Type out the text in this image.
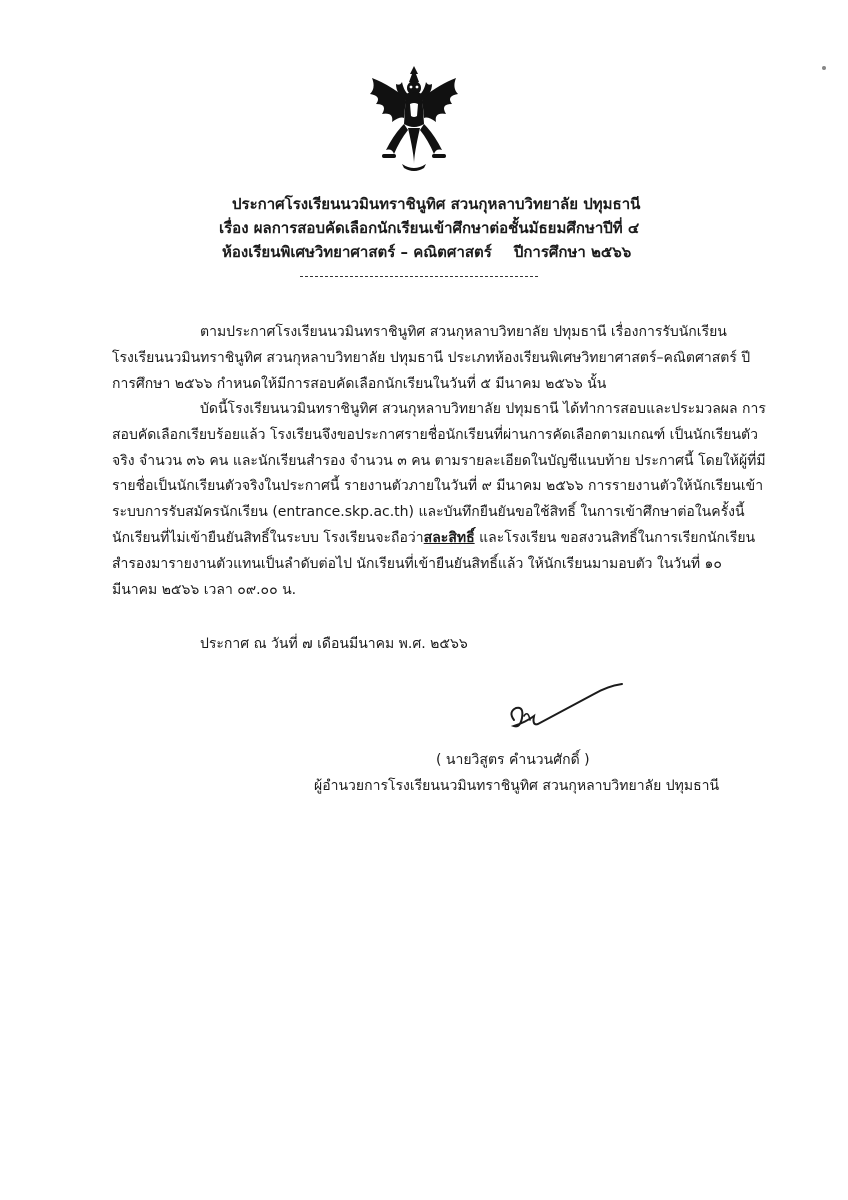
ประกาศโรงเรียนนวมินทราชินูทิศ สวนกุหลาบวิทยาลัย ปทุมธานี
เรื่อง ผลการสอบคัดเลือกนักเรียนเข้าศึกษาต่อชั้นมัธยมศึกษาปีที่ ๔
ห้องเรียนพิเศษวิทยาศาสตร์ – คณิตศาสตร์ ปีการศึกษา ๒๕๖๖
ตามประกาศโรงเรียนนวมินทราชินูทิศ สวนกุหลาบวิทยาลัย ปทุมธานี เรื่องการรับนักเรียน โรงเรียนนวมินทราชินูทิศ สวนกุหลาบวิทยาลัย ปทุมธานี ประเภทห้องเรียนพิเศษวิทยาศาสตร์–คณิตศาสตร์ ปีการศึกษา ๒๕๖๖ กำหนดให้มีการสอบคัดเลือกนักเรียนในวันที่ ๕ มีนาคม ๒๕๖๖ นั้น
บัดนี้โรงเรียนนวมินทราชินูทิศ สวนกุหลาบวิทยาลัย ปทุมธานี ได้ทำการสอบและประมวลผล การสอบคัดเลือกเรียบร้อยแล้ว โรงเรียนจึงขอประกาศรายชื่อนักเรียนที่ผ่านการคัดเลือกตามเกณฑ์ เป็นนักเรียนตัวจริง จำนวน ๓๖ คน และนักเรียนสำรอง จำนวน ๓ คน ตามรายละเอียดในบัญชีแนบท้าย ประกาศนี้ โดยให้ผู้ที่มีรายชื่อเป็นนักเรียนตัวจริงในประกาศนี้ รายงานตัวภายในวันที่ ๙ มีนาคม ๒๕๖๖ การรายงานตัวให้นักเรียนเข้าระบบการรับสมัครนักเรียน (entrance.skp.ac.th) และบันทึกยืนยันขอใช้สิทธิ์ ในการเข้าศึกษาต่อในครั้งนี้ นักเรียนที่ไม่เข้ายืนยันสิทธิ์ในระบบ โรงเรียนจะถือว่าสละสิทธิ์ และโรงเรียน ขอสงวนสิทธิ์ในการเรียกนักเรียนสำรองมารายงานตัวแทนเป็นลำดับต่อไป นักเรียนที่เข้ายืนยันสิทธิ์แล้ว ให้นักเรียนมามอบตัว ในวันที่ ๑๐ มีนาคม ๒๕๖๖ เวลา ๐๙.๐๐ น.
ประกาศ ณ วันที่ ๗ เดือนมีนาคม พ.ศ. ๒๕๖๖
( นายวิสูตร คำนวนศักดิ์ )
ผู้อำนวยการโรงเรียนนวมินทราชินูทิศ สวนกุหลาบวิทยาลัย ปทุมธานี
